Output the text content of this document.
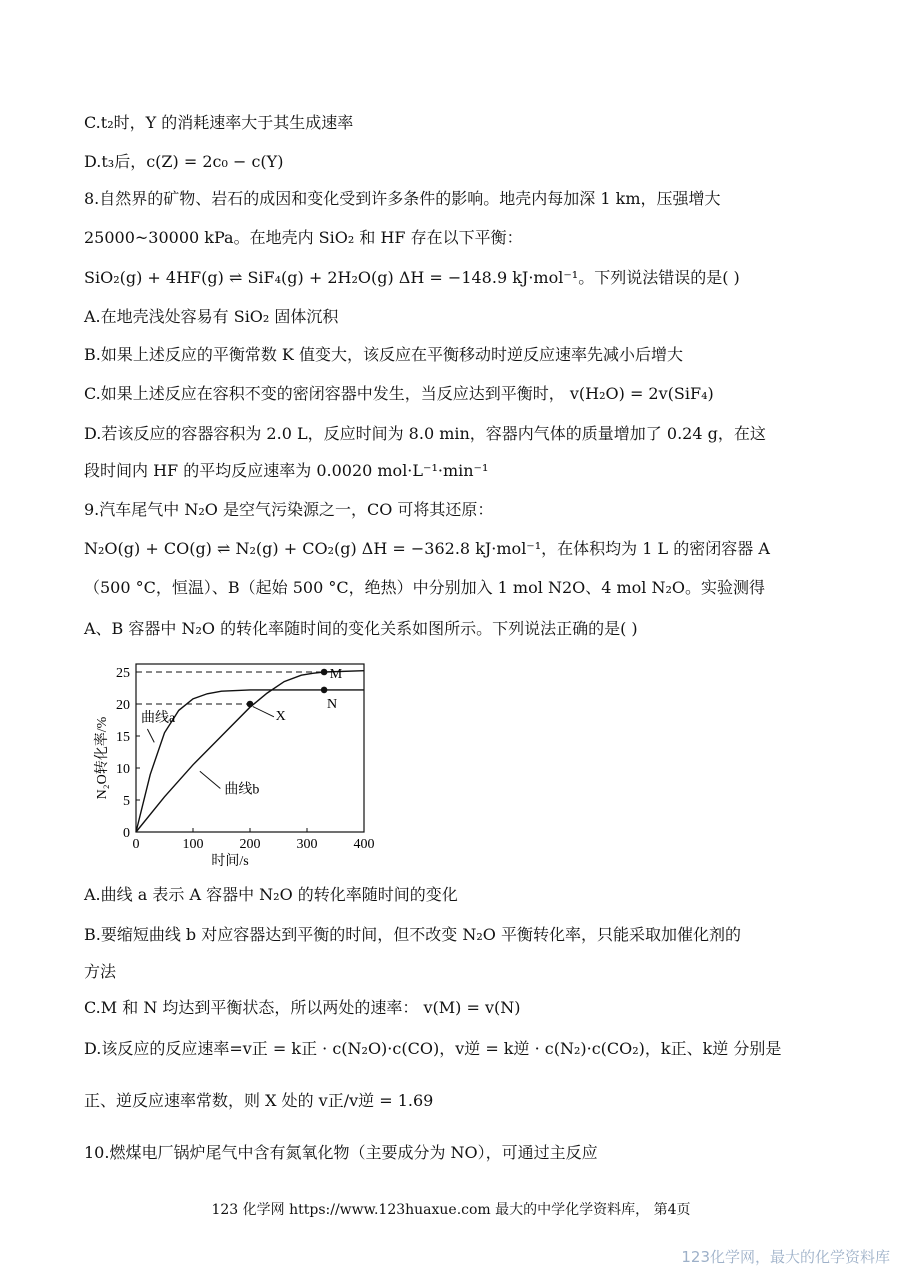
C.t₂时，Y 的消耗速率大于其生成速率
D.t₃后，c(Z) = 2c₀ − c(Y)
8.自然界的矿物、岩石的成因和变化受到许多条件的影响。地壳内每加深 1 km，压强增大
25000~30000 kPa。在地壳内 SiO₂ 和 HF 存在以下平衡：
SiO₂(g) + 4HF(g) ⇌ SiF₄(g) + 2H₂O(g) ΔH = −148.9 kJ·mol⁻¹。下列说法错误的是( )
A.在地壳浅处容易有 SiO₂ 固体沉积
B.如果上述反应的平衡常数 K 值变大，该反应在平衡移动时逆反应速率先减小后增大
C.如果上述反应在容积不变的密闭容器中发生，当反应达到平衡时， v(H₂O) = 2v(SiF₄)
D.若该反应的容器容积为 2.0 L，反应时间为 8.0 min，容器内气体的质量增加了 0.24 g，在这
段时间内 HF 的平均反应速率为 0.0020 mol·L⁻¹·min⁻¹
9.汽车尾气中 N₂O 是空气污染源之一，CO 可将其还原：
N₂O(g) + CO(g) ⇌ N₂(g) + CO₂(g) ΔH = −362.8 kJ·mol⁻¹，在体积均为 1 L 的密闭容器 A
（500 °C，恒温）、B（起始 500 °C，绝热）中分别加入 1 mol N2O、4 mol N₂O。实验测得
A、B 容器中 N₂O 的转化率随时间的变化关系如图所示。下列说法正确的是( )
0	100	200	300	400
0
5
10
15
20
25
曲线a
曲线b
M
N
X
时间/s
N₂O转化率/%
A.曲线 a 表示 A 容器中 N₂O 的转化率随时间的变化
B.要缩短曲线 b 对应容器达到平衡的时间，但不改变 N₂O 平衡转化率，只能采取加催化剂的
方法
C.M 和 N 均达到平衡状态，所以两处的速率： v(M) = v(N)
D.该反应的反应速率=v正 = k正 · c(N₂O)·c(CO)，v逆 = k逆 · c(N₂)·c(CO₂)，k正、k逆 分别是
正、逆反应速率常数，则 X 处的 v正/v逆 = 1.69
10.燃煤电厂锅炉尾气中含有氮氧化物（主要成分为 NO），可通过主反应
123 化学网 https://www.123huaxue.com 最大的中学化学资料库， 第4页
123化学网，最大的化学资料库
